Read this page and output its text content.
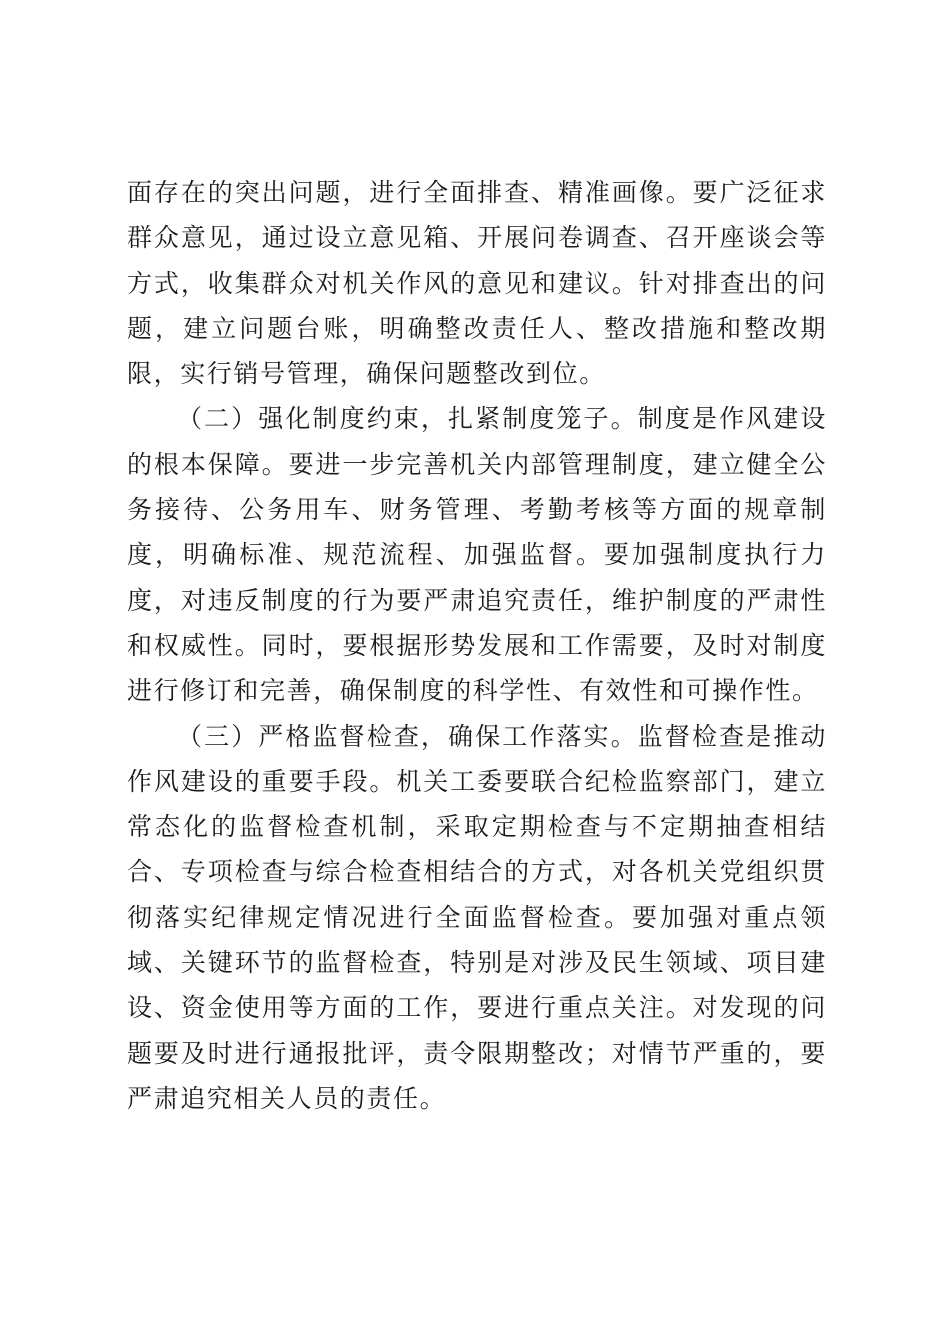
面存在的突出问题，进行全面排查、精准画像。要广泛征求群众意见，通过设立意见箱、开展问卷调查、召开座谈会等方式，收集群众对机关作风的意见和建议。针对排查出的问题，建立问题台账，明确整改责任人、整改措施和整改期限，实行销号管理，确保问题整改到位。

（二）强化制度约束，扎紧制度笼子。制度是作风建设的根本保障。要进一步完善机关内部管理制度，建立健全公务接待、公务用车、财务管理、考勤考核等方面的规章制度，明确标准、规范流程、加强监督。要加强制度执行力度，对违反制度的行为要严肃追究责任，维护制度的严肃性和权威性。同时，要根据形势发展和工作需要，及时对制度进行修订和完善，确保制度的科学性、有效性和可操作性。

（三）严格监督检查，确保工作落实。监督检查是推动作风建设的重要手段。机关工委要联合纪检监察部门，建立常态化的监督检查机制，采取定期检查与不定期抽查相结合、专项检查与综合检查相结合的方式，对各机关党组织贯彻落实纪律规定情况进行全面监督检查。要加强对重点领域、关键环节的监督检查，特别是对涉及民生领域、项目建设、资金使用等方面的工作，要进行重点关注。对发现的问题要及时进行通报批评，责令限期整改；对情节严重的，要严肃追究相关人员的责任。
